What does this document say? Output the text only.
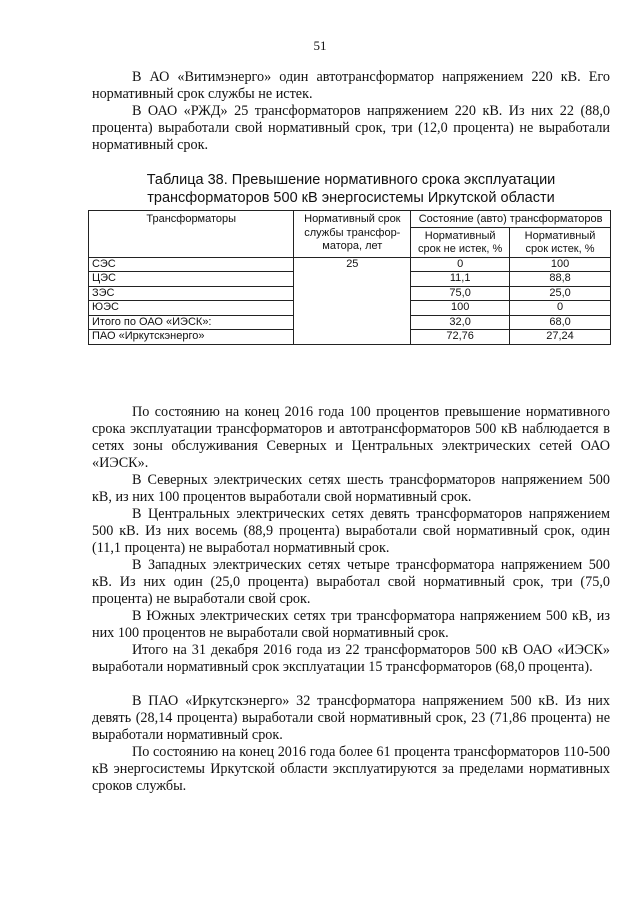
51

В АО «Витимэнерго» один автотрансформатор напряжением 220 кВ. Его нормативный срок службы не истек.

В ОАО «РЖД» 25 трансформаторов напряжением 220 кВ. Из них 22 (88,0 процента) выработали свой нормативный срок, три (12,0 процента) не выработали нормативный срок.

Таблица 38. Превышение нормативного срока эксплуатации
трансформаторов 500 кВ энергосистемы Иркутской области
Трансформаторы	Нормативный срок службы трансфор-матора, лет	Состояние (авто) трансформаторов	
		Нормативный срок не истек, %	Нормативный срок истек, %
СЭС	25	0	100
ЦЭС		11,1	88,8
ЗЭС		75,0	25,0
ЮЭС		100	0
Итого по ОАО «ИЭСК»:		32,0	68,0
ПАО «Иркутскэнерго»		72,76	27,24

По состоянию на конец 2016 года 100 процентов превышение нормативного срока эксплуатации трансформаторов и автотрансформаторов 500 кВ наблюдается в сетях зоны обслуживания Северных и Центральных электрических сетей ОАО «ИЭСК».

В Северных электрических сетях шесть трансформаторов напряжением 500 кВ, из них 100 процентов выработали свой нормативный срок.

В Центральных электрических сетях девять трансформаторов напряжением 500 кВ. Из них восемь (88,9 процента) выработали свой нормативный срок, один (11,1 процента) не выработал нормативный срок.

В Западных электрических сетях четыре трансформатора напряжением 500 кВ. Из них один (25,0 процента) выработал свой нормативный срок, три (75,0 процента) не выработали свой срок.

В Южных электрических сетях три трансформатора напряжением 500 кВ, из них 100 процентов не выработали свой нормативный срок.

Итого на 31 декабря 2016 года из 22 трансформаторов 500 кВ ОАО «ИЭСК» выработали нормативный срок эксплуатации 15 трансформаторов (68,0 процента).

В ПАО «Иркутскэнерго» 32 трансформатора напряжением 500 кВ. Из них девять (28,14 процента) выработали свой нормативный срок, 23 (71,86 процента) не выработали нормативный срок.

По состоянию на конец 2016 года более 61 процента трансформаторов 110-500 кВ энергосистемы Иркутской области эксплуатируются за пределами нормативных сроков службы.
